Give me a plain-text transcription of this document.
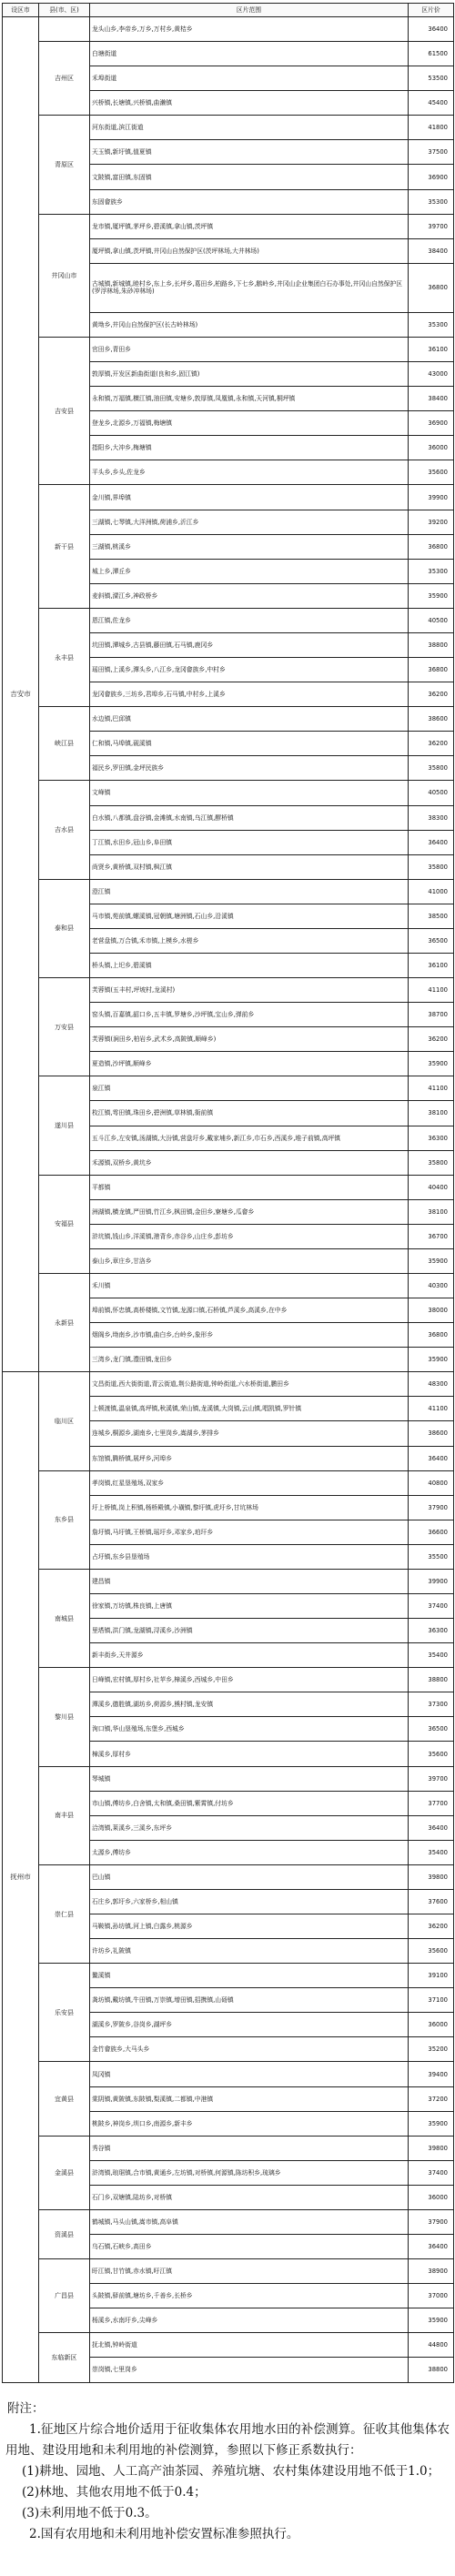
设区市	县(市、区)	区片范围	区片价
吉安市		龙头山乡,李帝乡,万乡,万村乡,黄桔乡	36400
	吉州区	白塘街道	61500
		禾埠街道	53500
		兴桥镇,长塘镇,兴桥镇,曲濑镇	45400
	青原区	河东街道,滨江街道	41800
		天玉镇,新圩镇,值夏镇	37500
		文陂镇,富田镇,东固镇	36900
		东固畲族乡	35300
	井冈山市	龙市镇,厦坪镇,茅坪乡,碧溪镇,拿山镇,茨坪镇	39700
		厦坪镇,拿山镇,茨坪镇,井冈山自然保护区(茨坪林场,大井林场)	38400
		古城镇,新城镇,睦村乡,东上乡,长坪乡,葛田乡,柏路乡,下七乡,鹅岭乡,井冈山企业集团白石办事处,井冈山自然保护区(罗浮林场,朱砂冲林场)	36800
		黄坳乡,井冈山自然保护区(长古岭林场)	35300
	吉安县	官田乡,青田乡	36100
		敦厚镇,开发区新曲街道(良和乡,固江镇)	43000
		永和镇,万福镇,横江镇,油田镇,安塘乡,敦厚镇,凤凰镇,永和镇,天河镇,桐坪镇	38400
		登龙乡,北源乡,万福镇,梅塘镇	36900
		指阳乡,大冲乡,梅塘镇	36000
		平头乡,乡头,佐龙乡	35600
	新干县	金川镇,界埠镇	39900
		三湖镇,七琴镇,大洋洲镇,荷浦乡,沂江乡	39200
		三湖镇,桃溪乡	36800
		城上乡,潭丘乡	35300
		麦斜镇,溧江乡,神政桥乡	35900
	永丰县	恩江镇,佐龙乡	40500
		坑田镇,潭城乡,古县镇,藤田镇,石马镇,鹿冈乡	38800
		瑶田镇,上溪乡,潭头乡,八江乡,龙冈畲族乡,中村乡	36800
		龙冈畲族乡,三坊乡,君埠乡,石马镇,中村乡,上溪乡	36200
	峡江县	水边镇,巴邱镇	38600
		仁和镇,马埠镇,砚溪镇	36200
		福民乡,罗田镇,金坪民族乡	35800
	吉水县	文峰镇	40500
		白水镇,八都镇,盘谷镇,金滩镇,水南镇,乌江镇,醪桥镇	38300
		丁江镇,水田乡,冠山乡,阜田镇	36400
		尚贤乡,黄桥镇,双村镇,枫江镇	35800
	泰和县	澄江镇	41000
		马市镇,苑前镇,螺溪镇,冠朝镇,塘洲镇,石山乡,沿溪镇	38500
		老营盘镇,万合镇,禾市镇,上模乡,水槎乡	36500
		桥头镇,上圯乡,碧溪镇	36100
	万安县	芙蓉镇(五丰村,坪坡村,龙溪村)	41100
		窑头镇,百嘉镇,韶口乡,五丰镇,罗塘乡,沙坪镇,宝山乡,弹前乡	38700
		芙蓉镇(涧田乡,柏岩乡,武术乡,高陂镇,顺峰乡)	36200
		夏造镇,沙坪镇,顺峰乡	35900
	遂川县	泉江镇	41100
		枚江镇,雩田镇,珠田乡,碧洲镇,草林镇,衙前镇	38100
		五斗江乡,左安镇,汤湖镇,大汾镇,营盘圩乡,戴家埔乡,新江乡,巾石乡,西溪乡,堆子前镇,高坪镇	36300
		禾源镇,双桥乡,黄坑乡	35800
	安福县	平都镇	40400
		洲湖镇,横龙镇,严田镇,竹江乡,枫田镇,金田乡,寮塘乡,瓜畲乡	38100
		浒坑镇,钱山乡,洋溪镇,港背乡,赤谷乡,山庄乡,彭坊乡	36700
		泰山乡,章庄乡,甘洛乡	35900
	永新县	禾川镇	40300
		埠前镇,怀忠镇,高桥楼镇,文竹镇,龙源口镇,石桥镇,芦溪乡,高溪乡,在中乡	38000
		烟阁乡,坳南乡,沙市镇,曲白乡,台岭乡,象形乡	36800
		三湾乡,龙门镇,澧田镇,龙田乡	35900
抚州市	临川区	文昌街道,西大街街道,青云街道,荆公路街道,钟岭街道,六水桥街道,鹏田乡	48300
		上顿渡镇,温泉镇,高坪镇,秋溪镇,荣山镇,龙溪镇,大岗镇,云山镇,唱凯镇,罗针镇	41100
		连城乡,桐源乡,湖南乡,七里岗乡,嵩湖乡,茅排乡	38600
		东馆镇,腾桥镇,展坪乡,河埠乡	36400
	东乡县	孝岗镇,红星垦殖场,双家乡	40800
		圩上桥镇,岗上积镇,杨桥殿镇,小璜镇,黎圩镇,虎圩乡,甘坑林场	37900
		詹圩镇,马圩镇,王桥镇,瑶圩乡,邓家乡,珀玕乡	36600
		占圩镇,东乡县垦殖场	35500
	南城县	建昌镇	39900
		徐家镇,万坊镇,株良镇,上唐镇	37400
		里塔镇,洪门镇,龙湖镇,浔溪乡,沙洲镇	36300
		新丰街乡,天井源乡	35400
	黎川县	日峰镇,宏村镇,厚村乡,社苹乡,樟溪乡,西城乡,中田乡	38800
		潭溪乡,德胜镇,湖坊乡,荷源乡,熊村镇,龙安镇	37300
		洵口镇,华山垦殖场,东堡乡,西城乡	36500
		樟溪乡,厚村乡	35600
	南丰县	琴城镇	39700
		市山镇,傅坊乡,白舍镇,太和镇,桑田镇,紫霄镇,付坊乡	37700
		洽湾镇,莱溪乡,三溪乡,东坪乡	36400
		太源乡,傅坊乡	35400
	崇仁县	巴山镇	39800
		石庄乡,郭圩乡,六家桥乡,相山镇	37600
		马鞍镇,孙坊镇,河上镇,白露乡,桃源乡	36200
		许坊乡,礼陂镇	35600
	乐安县	鳌溪镇	39100
		龚坊镇,戴坊镇,牛田镇,万崇镇,增田镇,招携镇,山砀镇	37100
		湖溪乡,罗陂乡,谷岗乡,湖坪乡	36000
		金竹畲族乡,大马头乡	35200
	宜黄县	凤冈镇	39400
		棠阴镇,黄陂镇,东陂镇,梨溪镇,二都镇,中港镇	37200
		桃陂乡,神岗乡,圳口乡,南源乡,新丰乡	35900
	金溪县	秀谷镇	39800
		浒湾镇,琅琚镇,合市镇,黄通乡,左坊镇,对桥镇,何源镇,陈坊积乡,琉璃乡	37400
		石门乡,双塘镇,陆坊乡,对桥镇	36000
	资溪县	鹤城镇,马头山镇,嵩市镇,高阜镇	37900
		乌石镇,石峡乡,高田乡	36400
	广昌县	盱江镇,甘竹镇,赤水镇,旴江镇	38900
		头陂镇,驿前镇,塘坊乡,千善乡,长桥乡	37000
		杨溪乡,水南圩乡,尖峰乡	35900
	东临新区	抚北镇,钟岭街道	44800
		崇岗镇,七里岗乡	38800

附注：

1.征地区片综合地价适用于征收集体农用地水田的补偿测算。征收其他集体农用地、建设用地和未利用地的补偿测算，参照以下修正系数执行：

(1)耕地、园地、人工高产油茶园、养殖坑塘、农村集体建设用地不低于1.0；

(2)林地、其他农用地不低于0.4；

(3)未利用地不低于0.3。

2.国有农用地和未利用地补偿安置标准参照执行。
